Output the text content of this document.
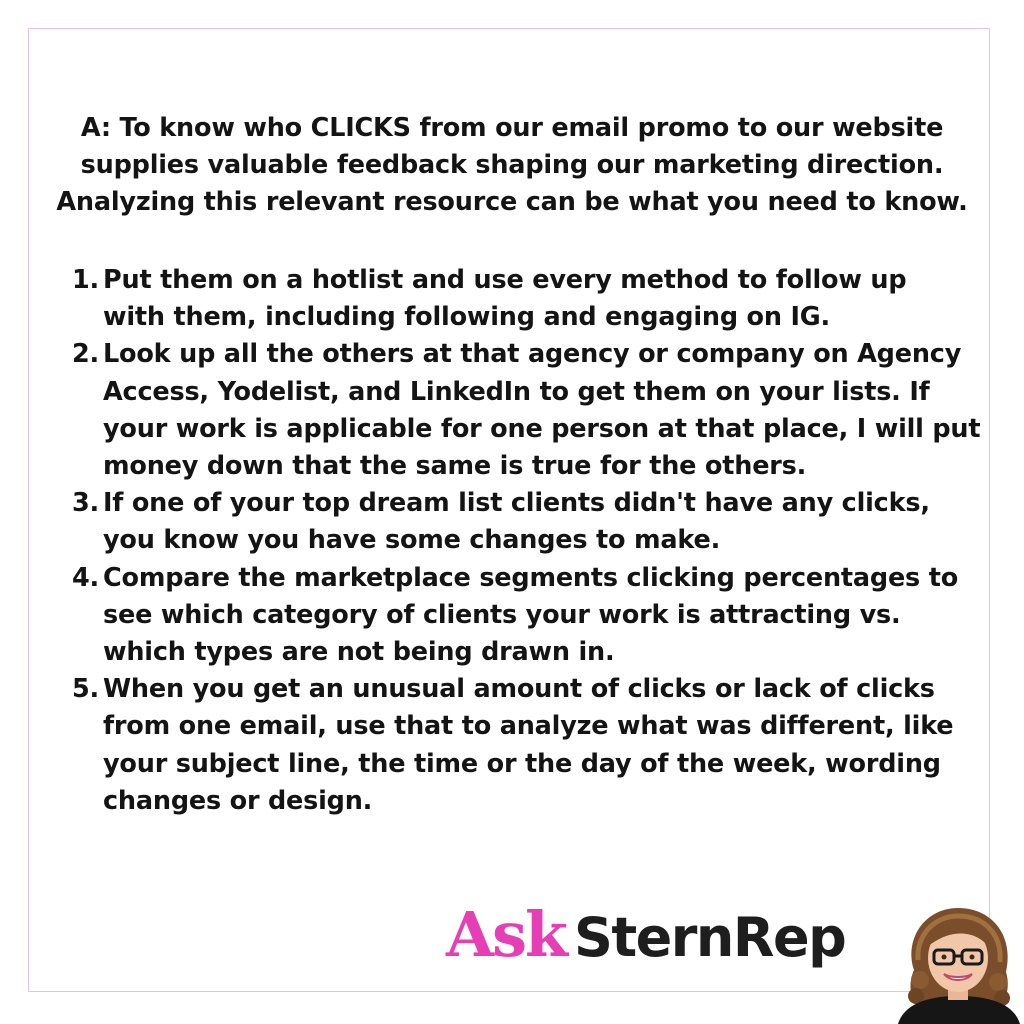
A: To know who CLICKS from our email promo to our website
supplies valuable feedback shaping our marketing direction.
Analyzing this relevant resource can be what you need to know.
1. Put them on a hotlist and use every method to follow up
with them, including following and engaging on IG.
2. Look up all the others at that agency or company on Agency
Access, Yodelist, and LinkedIn to get them on your lists. If
your work is applicable for one person at that place, I will put
money down that the same is true for the others.
3. If one of your top dream list clients didn't have any clicks,
you know you have some changes to make.
4. Compare the marketplace segments clicking percentages to
see which category of clients your work is attracting vs.
which types are not being drawn in.
5. When you get an unusual amount of clicks or lack of clicks
from one email, use that to analyze what was different, like
your subject line, the time or the day of the week, wording
changes or design.
Ask SternRep
